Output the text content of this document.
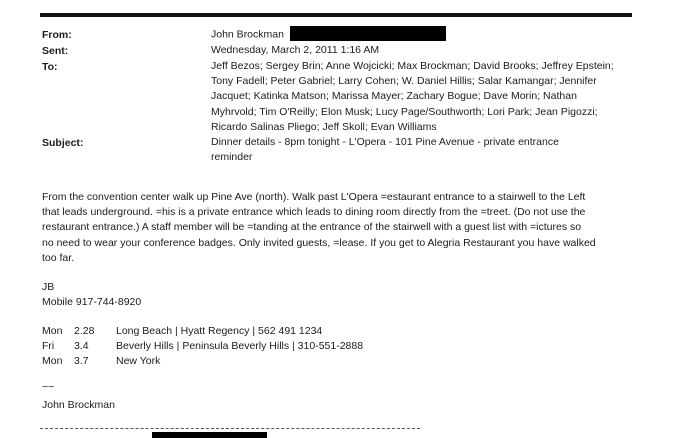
From:	John Brockman
Sent:	Wednesday, March 2, 2011 1:16 AM
To:	Jeff Bezos; Sergey Brin; Anne Wojcicki; Max Brockman; David Brooks; Jeffrey Epstein;
Tony Fadell; Peter Gabriel; Larry Cohen; W. Daniel Hillis; Salar Kamangar; Jennifer
Jacquet; Katinka Matson; Marissa Mayer; Zachary Bogue; Dave Morin; Nathan
Myhrvold; Tim O'Reilly; Elon Musk; Lucy Page/Southworth; Lori Park; Jean Pigozzi;
Ricardo Salinas Pliego; Jeff Skoll; Evan Williams
Subject:	Dinner details - 8pm tonight - L'Opera - 101 Pine Avenue - private entrance
reminder
From the convention center walk up Pine Ave (north). Walk past L'Opera =estaurant entrance to a stairwell to the Left
that leads underground. =his is a private entrance which leads to dining room directly from the =treet. (Do not use the
restaurant entrance.) A staff member will be =tanding at the entrance of the stairwell with a guest list with =ictures so
no need to wear your conference badges. Only invited guests, =lease. If you get to Alegria Restaurant you have walked
too far.
JB
Mobile 917-744-8920
Mon 2.28 Long Beach | Hyatt Regency | 562 491 1234
Fri 3.4	Beverly Hills | Peninsula Beverly Hills | 310-551-2888
Mon 3.7	New York
~~
John Brockman
